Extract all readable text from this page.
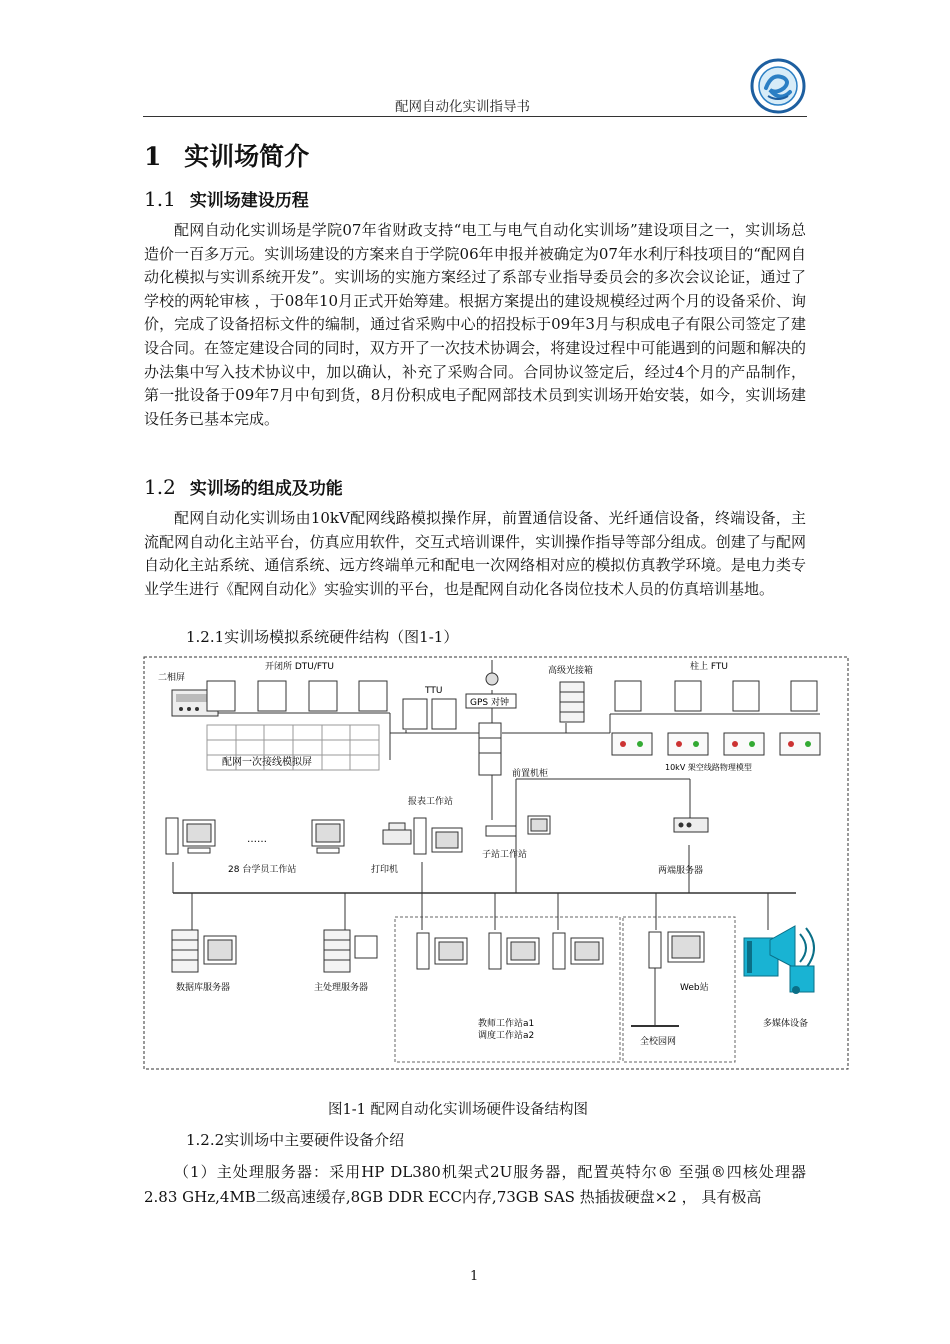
配网自动化实训指导书
1 实训场简介
1.1 实训场建设历程

配网自动化实训场是学院07年省财政支持“电工与电气自动化实训场”建设项目之一，实训场总造价一百多万元。实训场建设的方案来自于学院06年申报并被确定为07年水利厅科技项目的“配网自动化模拟与实训系统开发”。实训场的实施方案经过了系部专业指导委员会的多次会议论证，通过了学校的两轮审核 ，于08年10月正式开始筹建。根据方案提出的建设规模经过两个月的设备采价、询价，完成了设备招标文件的编制，通过省采购中心的招投标于09年3月与积成电子有限公司签定了建设合同。在签定建设合同的同时，双方开了一次技术协调会，将建设过程中可能遇到的问题和解决的办法集中写入技术协议中，加以确认，补充了采购合同。合同协议签定后，经过4个月的产品制作，第一批设备于09年7月中旬到货，8月份积成电子配网部技术员到实训场开始安装，如今，实训场建设任务已基本完成。

1.2 实训场的组成及功能

配网自动化实训场由10kV配网线路模拟操作屏，前置通信设备、光纤通信设备，终端设备，主流配网自动化主站平台，仿真应用软件，交互式培训课件，实训操作指导等部分组成。创建了与配网自动化主站系统、通信系统、远方终端单元和配电一次网络相对应的模拟仿真教学环境。是电力类专业学生进行《配网自动化》实验实训的平台，也是配网自动化各岗位技术人员的仿真培训基地。

1.2.1实训场模拟系统硬件结构（图1-1）
二相屏
开闭所 DTU/FTU
配网一次接线模拟屏
TTU
GPS 对钟
前置机柜
高级光接箱	柱上 FTU
10kV 架空线路物理模型
……
28 台学员工作站	打印机
报表工作站
子站工作站
两端服务器
数据库服务器	主处理服务器
教师工作站a1 调度工作站a2
Web站
全校园网
多媒体设备
图1-1 配网自动化实训场硬件设备结构图
1.2.2实训场中主要硬件设备介绍

（1）主处理服务器：采用HP DL380机架式2U服务器，配置英特尔® 至强®四核处理器 2.83 GHz,4MB二级高速缓存,8GB DDR ECC内存,73GB SAS 热插拔硬盘×2 ， 具有极高

1
